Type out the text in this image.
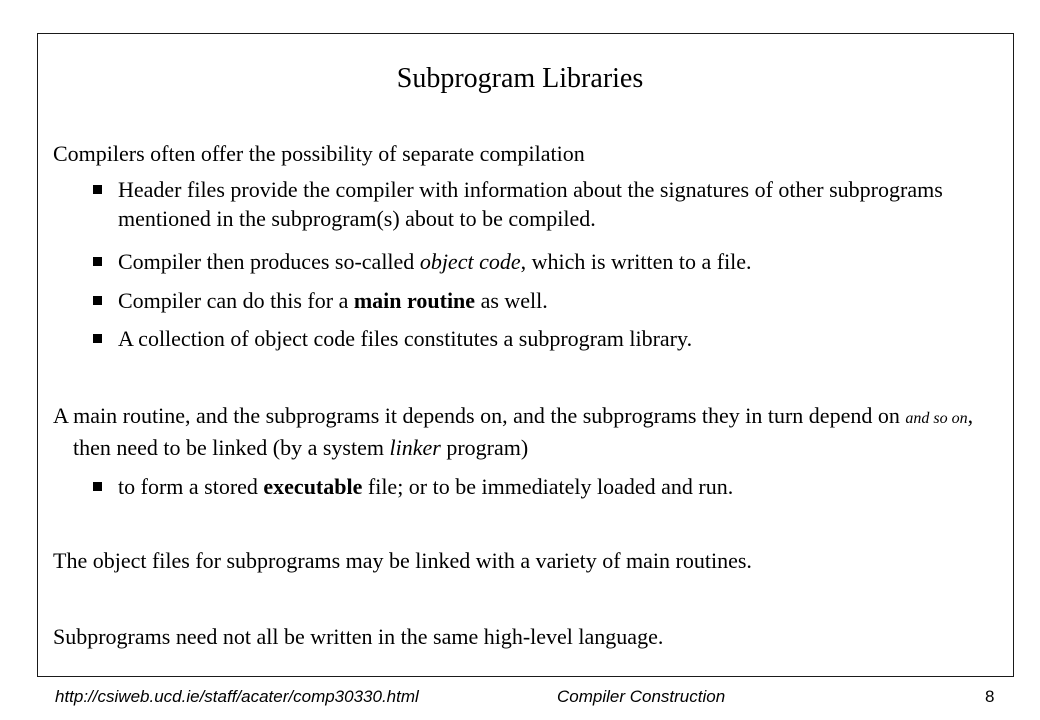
Subprogram Libraries

Compilers often offer the possibility of separate compilation

Header files provide the compiler with information about the signatures of other subprograms mentioned in the subprogram(s) about to be compiled.
Compiler then produces so-called object code, which is written to a file.
Compiler can do this for a main routine as well.
A collection of object code files constitutes a subprogram library.

A main routine, and the subprograms it depends on, and the subprograms they in turn depend on and so on, then need to be linked (by a system linker program)

to form a stored executable file; or to be immediately loaded and run.

The object files for subprograms may be linked with a variety of main routines.

Subprograms need not all be written in the same high-level language.

http://csiweb.ucd.ie/staff/acater/comp30330.html	Compiler Construction	8
